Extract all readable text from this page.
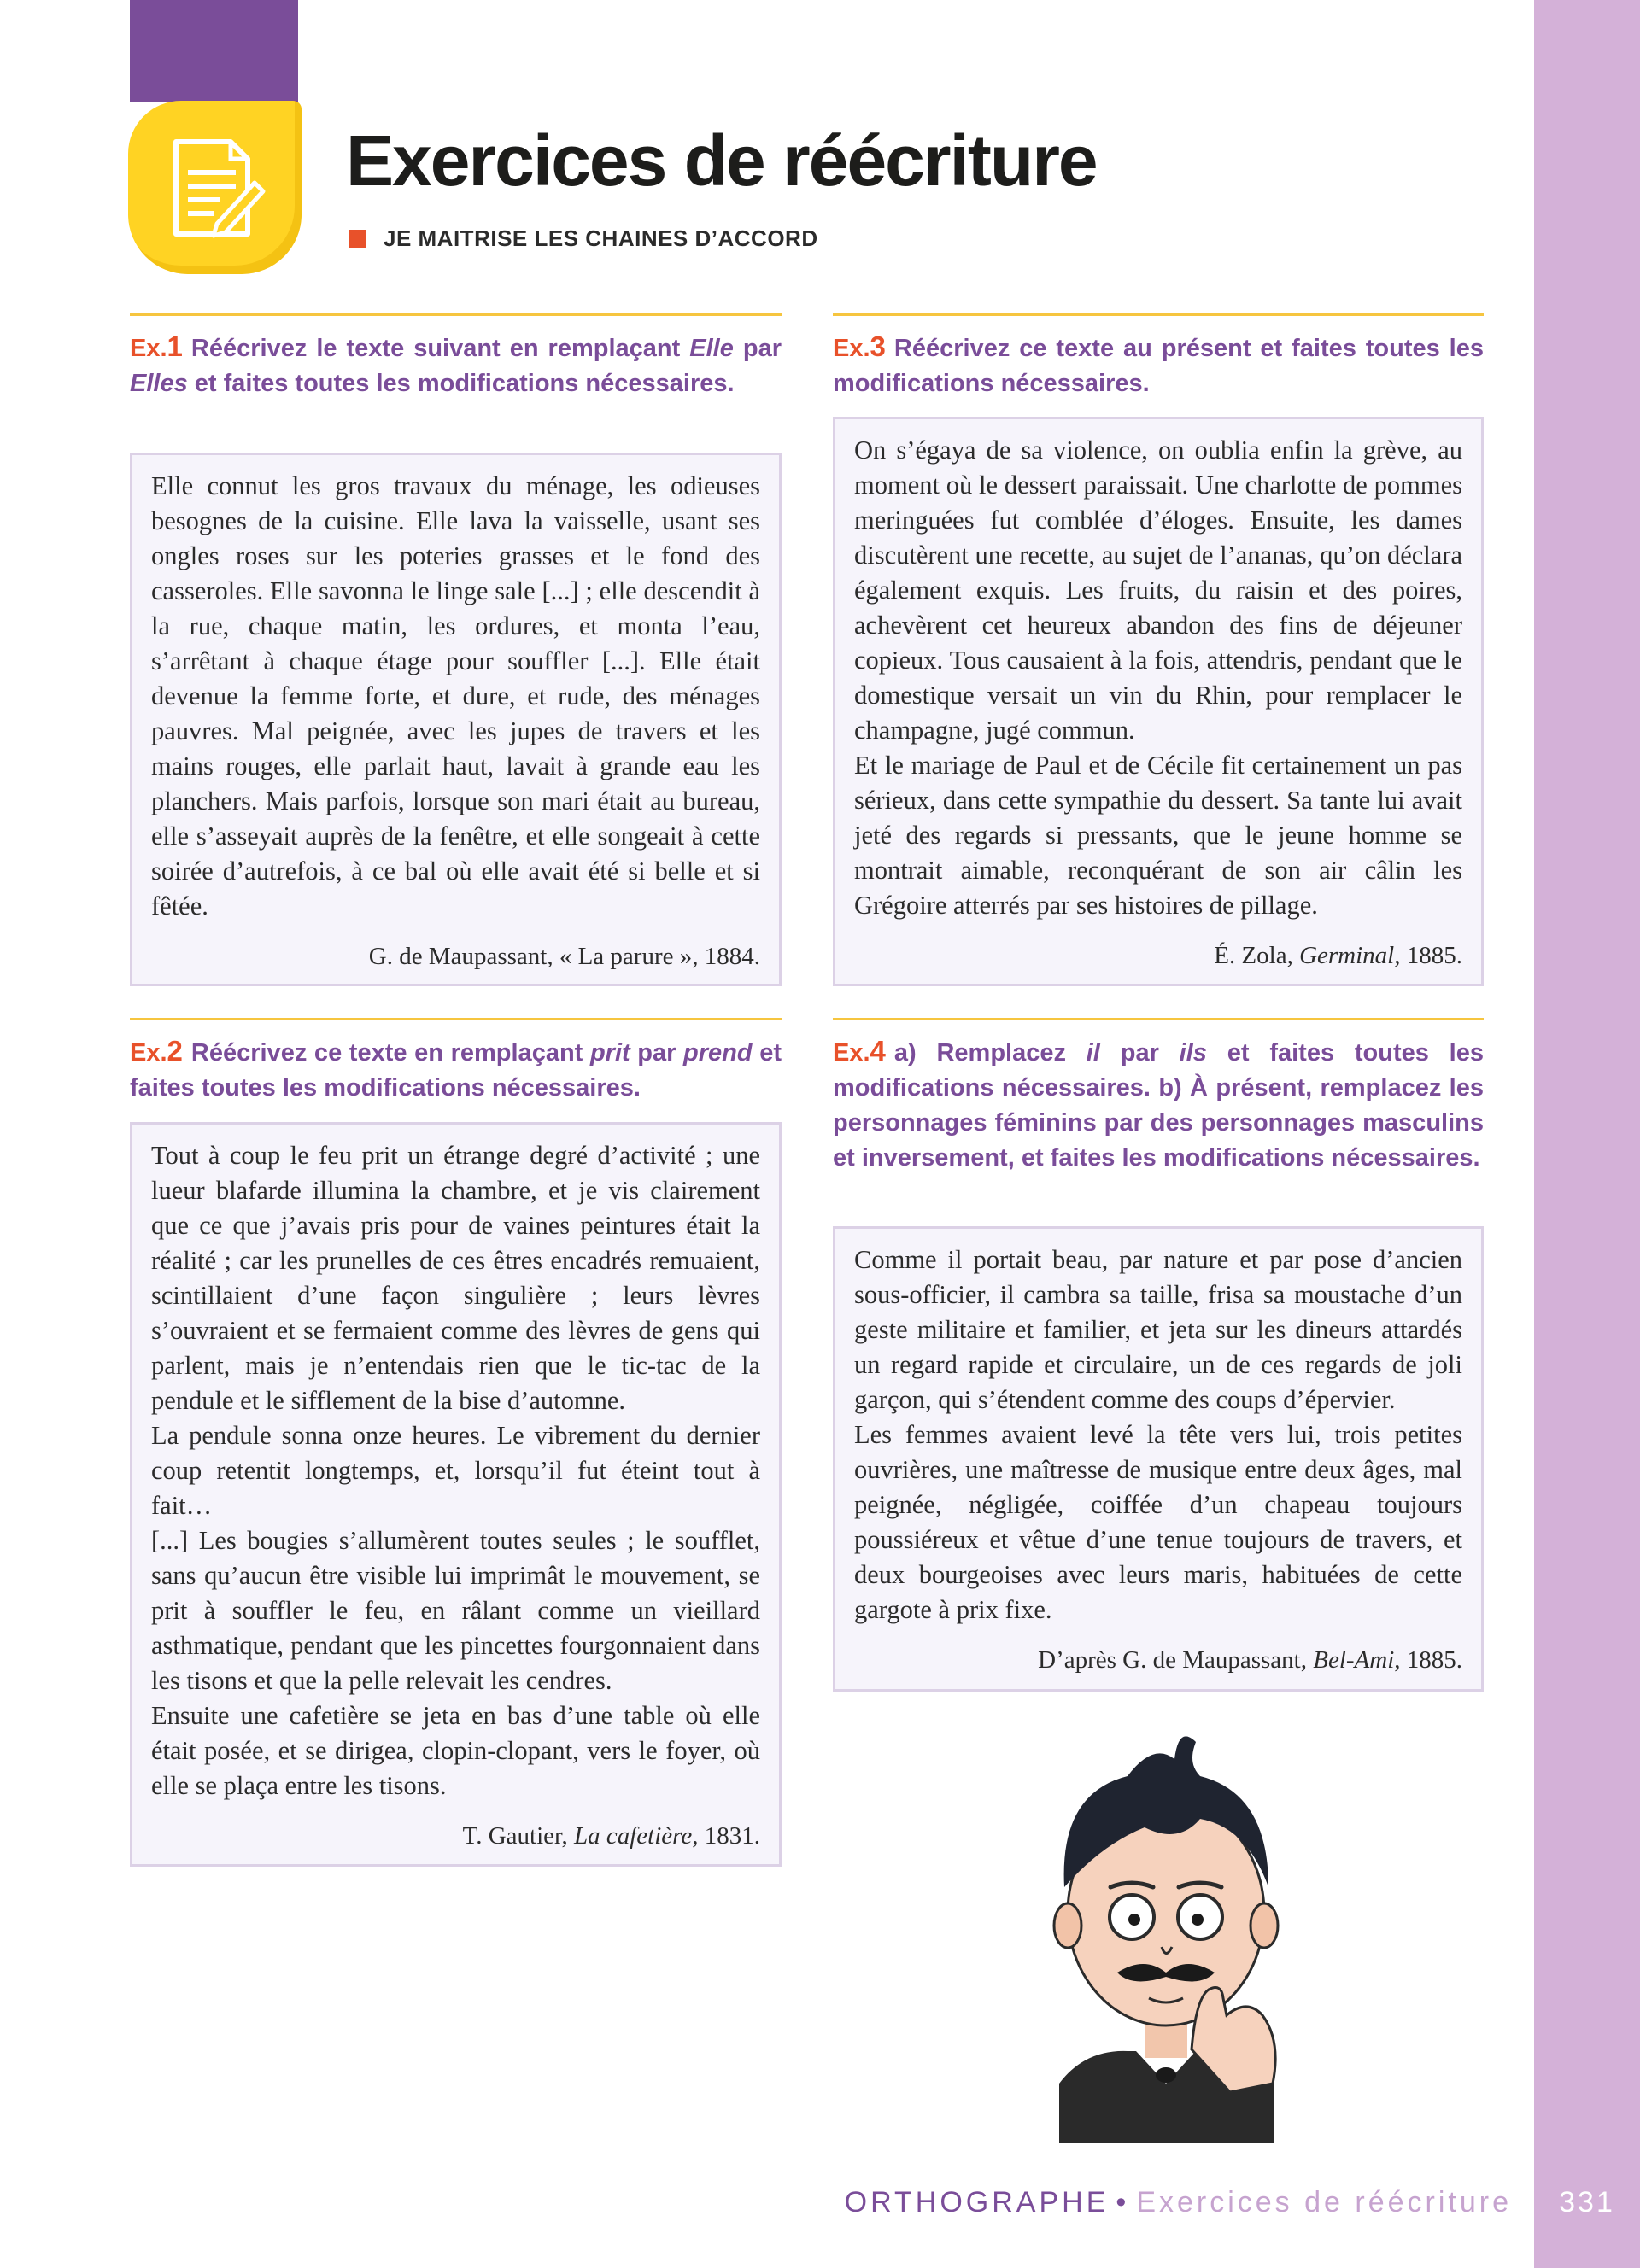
Exercices de réécriture
JE MAITRISE LES CHAINES D’ACCORD

Ex.1 Réécrivez le texte suivant en remplaçant Elle par Elles et faites toutes les modifications nécessaires.

Elle connut les gros travaux du ménage, les odieuses besognes de la cuisine. Elle lava la vaisselle, usant ses ongles roses sur les poteries grasses et le fond des casseroles. Elle savonna le linge sale [...] ; elle descendit à la rue, chaque matin, les ordures, et monta l’eau, s’arrêtant à chaque étage pour souffler [...]. Elle était devenue la femme forte, et dure, et rude, des ménages pauvres. Mal peignée, avec les jupes de travers et les mains rouges, elle parlait haut, lavait à grande eau les planchers. Mais parfois, lorsque son mari était au bureau, elle s’asseyait auprès de la fenêtre, et elle songeait à cette soirée d’autrefois, à ce bal où elle avait été si belle et si fêtée.

G. de Maupassant, « La parure », 1884.

Ex.2 Réécrivez ce texte en remplaçant prit par prend et faites toutes les modifications nécessaires.

Tout à coup le feu prit un étrange degré d’activité ; une lueur blafarde illumina la chambre, et je vis clairement que ce que j’avais pris pour de vaines peintures était la réalité ; car les prunelles de ces êtres encadrés remuaient, scintillaient d’une façon singulière ; leurs lèvres s’ouvraient et se fermaient comme des lèvres de gens qui parlent, mais je n’entendais rien que le tic-tac de la pendule et le sifflement de la bise d’automne.

La pendule sonna onze heures. Le vibrement du dernier coup retentit longtemps, et, lorsqu’il fut éteint tout à fait…

[...] Les bougies s’allumèrent toutes seules ; le soufflet, sans qu’aucun être visible lui imprimât le mouvement, se prit à souffler le feu, en râlant comme un vieillard asthmatique, pendant que les pincettes fourgonnaient dans les tisons et que la pelle relevait les cendres.

Ensuite une cafetière se jeta en bas d’une table où elle était posée, et se dirigea, clopin-clopant, vers le foyer, où elle se plaça entre les tisons.

T. Gautier, La cafetière, 1831.

Ex.3 Réécrivez ce texte au présent et faites toutes les modifications nécessaires.

On s’égaya de sa violence, on oublia enfin la grève, au moment où le dessert paraissait. Une charlotte de pommes meringuées fut comblée d’éloges. Ensuite, les dames discutèrent une recette, au sujet de l’ananas, qu’on déclara également exquis. Les fruits, du raisin et des poires, achevèrent cet heureux abandon des fins de déjeuner copieux. Tous causaient à la fois, attendris, pendant que le domestique versait un vin du Rhin, pour remplacer le champagne, jugé commun.

Et le mariage de Paul et de Cécile fit certainement un pas sérieux, dans cette sympathie du dessert. Sa tante lui avait jeté des regards si pressants, que le jeune homme se montrait aimable, reconquérant de son air câlin les Grégoire atterrés par ses histoires de pillage.

É. Zola, Germinal, 1885.

Ex.4 a) Remplacez il par ils et faites toutes les modifications nécessaires. b) À présent, remplacez les personnages féminins par des personnages masculins et inversement, et faites les modifications nécessaires.

Comme il portait beau, par nature et par pose d’ancien sous-officier, il cambra sa taille, frisa sa moustache d’un geste militaire et familier, et jeta sur les dineurs attardés un regard rapide et circulaire, un de ces regards de joli garçon, qui s’étendent comme des coups d’épervier.

Les femmes avaient levé la tête vers lui, trois petites ouvrières, une maîtresse de musique entre deux âges, mal peignée, négligée, coiffée d’un chapeau toujours poussiéreux et vêtue d’une tenue toujours de travers, et deux bourgeoises avec leurs maris, habituées de cette gargote à prix fixe.

D’après G. de Maupassant, Bel-Ami, 1885.

ORTHOGRAPHE • Exercices de réécriture	331
